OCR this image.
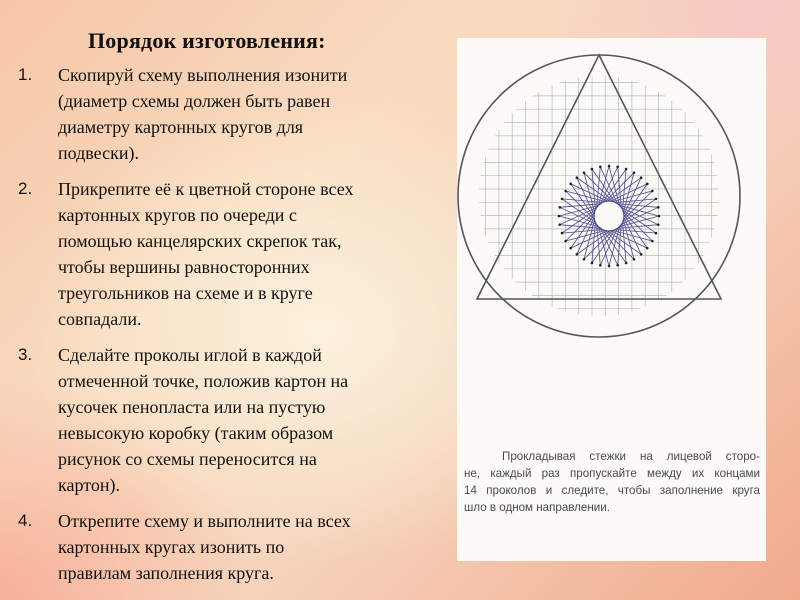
Порядок изготовления:
1.	Скопируй схему выполнения изонити
(диаметр схемы должен быть равен
диаметру картонных кругов для
подвески).
2.	Прикрепите её к цветной стороне всех
картонных кругов по очереди с
помощью канцелярских скрепок так,
чтобы вершины равносторонних
треугольников на схеме и в круге
совпадали.
3.	Сделайте проколы иглой в каждой
отмеченной точке, положив картон на
кусочек пенопласта или на пустую
невысокую коробку (таким образом
рисунок со схемы переносится на
картон).
4.	Открепите схему и выполните на всех
картонных кругах изонить по
правилам заполнения круга.
Прокладывая стежки на лицевой сторо-
не, каждый раз пропускайте между их концами
14 проколов и следите, чтобы заполнение круга
шло в одном направлении.
